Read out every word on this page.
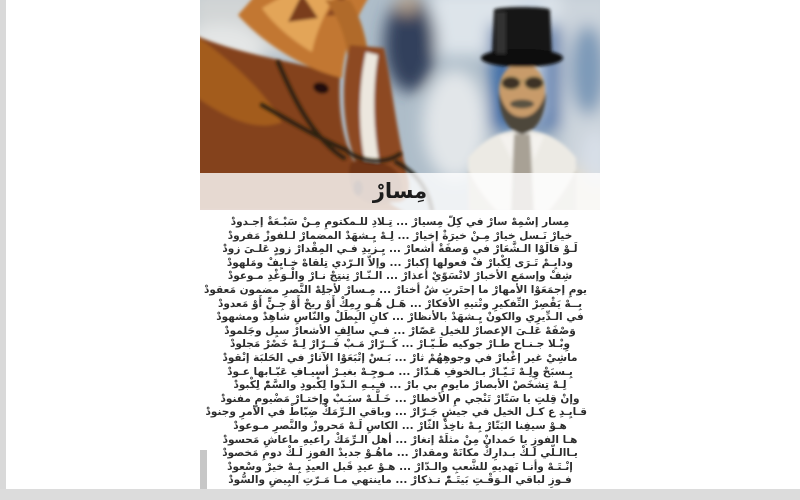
مِسارْ
مِسار إسْمِهْ سارْ في كِلّ مِسيارْ ... تِـلادِ للـمكتومِ مِـنْ سَبْـعَةْ إجـدودْ
خيارْ نَـسل خيارْ مِـنْ خيرَةْ إخيارْ ... لِـهْ يِـشهَدْ المضمارْ لـلفوزْ مَفرودْ
لَـوْ قالَوْا الـشَّعَارْ في وَصفَةْ أشعارْ ... يِـزيدِ فـي المِقْدارْ زودٍ عَلـىَ زودْ
ودايِـمْ تَـرَى لِكْبارْ فْ فعولها إكبارْ ... وإلاّ الـرّدي تِلقاهْ خـايِفْ ومَلهودْ
شِفْ وإسمَع الأخبارْ لاتْسَوّيْ أعذارْ ... الـنّـارْ تِنتِجْ نـارْ والْـوَغْدِ مـوعودْ
يومِ إجمَعَوْا الأمهارْ ما إحتَرتِ شُ أختارْ ... مِـسارْ لأجلِهْ النَّصرِ مضمون مَعقودْ
بِــهْ يَقْصِرْ التِّفكيرِ وتْتيهِ الأفكارْ ... هَـل هُـو رِمِكْ أَوْ ريحْ أَوْ جِـنٍّ أَوْ مَعدودْ
في الـدِّيرِي والكونْ يِـشهَدْ بالأنظارْ ... كانِ البِطَلْ والنّاسِ شاهِدْ ومشهودْ
وَصْفَهْ عَلـىَ الإعصارْ للخيل عَصّارْ ... فـي سالِفِ الأشعارْ سيِل وجَلمودْ
وِبْـلا جـنـاح طـارْ جوكيه طَـيّـارْ ... كَــرّارْ مَـبْ فَــرّارْ لِـهْ خَصْرْ مَجلودْ
ماشِيْ غير إغْبارْ في وجوهِهُمْ ثارْ ... بَـسْ إتْبَعَوْا الآثارْ في الحَلبَة إنْقودْ
يِـسبَحْ وِلِـهْ تَـيّـارْ بـالخوفِ هَـدّارْ ... مـوجِـهْ بغيـرْ أسيـافِ عَبّـابها عـودْ
لِـهْ تِشخَصْ الأبصارْ مايومِ بي بارْ ... فـيـهِ الـدّوا لِكْبودِ والسَّمّْ لِكْبودْ
وإنْ قِلتِ يا سَتّارْ تَنْجي مِ الأخطارْ ... خَـلَّـهْ سبَـبْ وإختـارْ مَضْيومٍ مفنودْ
قـايِـدِ ع كـل الخيل في جيشٍ جَـرّارْ ... وباقي الـرِّمَكْ ضِبّاطْ في الأمرِ وجنودْ
هـوْ سيفِنا البَتّارْ بِـهْ ناخِذْ الثّارْ ... الكاسِ لَـهْ مَحروزْ والنَّصرِ مـوعودْ
هـا الفوزِ يا حَمدانْ مِنْ مثلَهْ إتغارْ ... أهل الـرِّمَكْ راعيهِ ماعاشِ مَحسودْ
يـاالـلّي لَـكْ بـدارِكْ مكانَهْ ومقدارْ ... ماهُـوْ جديدْ الفوزِ لَـكْ دومِ مَخصودْ
إنْـتَـهْ وأنـا نَهديهِ للشَّعبِ والـدّارْ ... هـوْ عيدِ قَبل العيدِ بِـهْ خيرْ وسْعودْ
فـوزِ لباقي الـوَقْـتِ بَيتَـمّْ تـذكارْ ... ماينتهي مـا مَـرّتِ البِيضِ والسُّودْ
